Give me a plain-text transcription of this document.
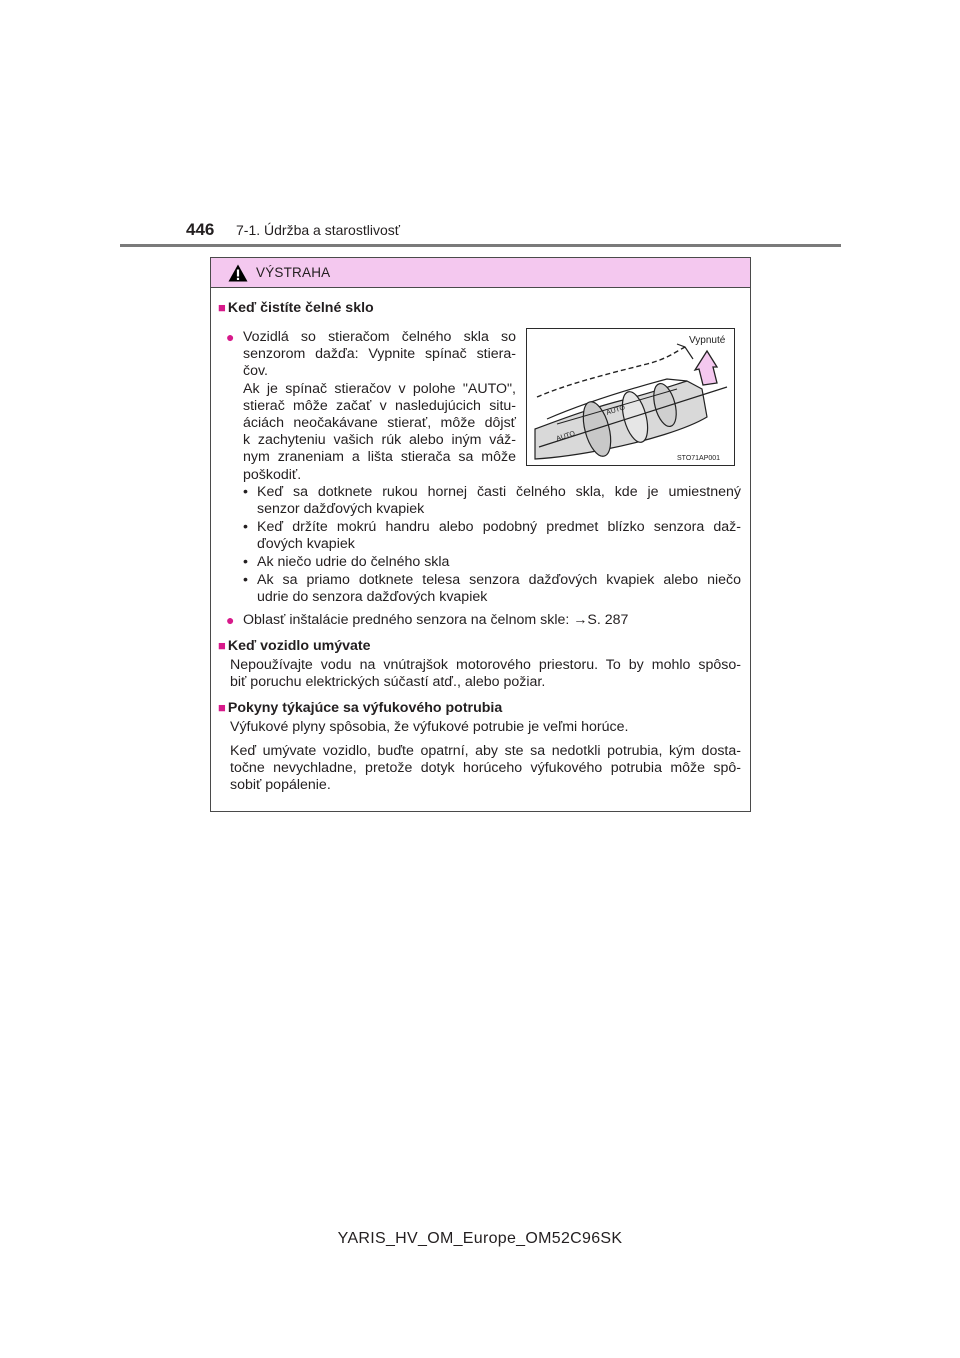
446 7-1. Údržba a starostlivosť
VÝSTRAHA
■ Keď čistíte čelné sklo
● Vozidlá so stieračom čelného skla so
senzorom dažďa: Vypnite spínač stiera-
čov.
Ak je spínač stieračov v polohe "AUTO",
stierač môže začať v nasledujúcich situ-
áciách neočakávane stierať, môže dôjsť
k zachyteniu vašich rúk alebo iným váž-
nym zraneniam a lišta stierača sa môže
poškodiť.
AUTO
AUTO
Vypnuté
STO71AP001
• Keď sa dotknete rukou hornej časti čelného skla, kde je umiestnený
senzor dažďových kvapiek
• Keď držíte mokrú handru alebo podobný predmet blízko senzora daž-
ďových kvapiek
• Ak niečo udrie do čelného skla
• Ak sa priamo dotknete telesa senzora dažďových kvapiek alebo niečo
udrie do senzora dažďových kvapiek
● Oblasť inštalácie predného senzora na čelnom skle: →S. 287
■ Keď vozidlo umývate
Nepoužívajte vodu na vnútrajšok motorového priestoru. To by mohlo spôso-
biť poruchu elektrických súčastí atď., alebo požiar.
■ Pokyny týkajúce sa výfukového potrubia
Výfukové plyny spôsobia, že výfukové potrubie je veľmi horúce.
Keď umývate vozidlo, buďte opatrní, aby ste sa nedotkli potrubia, kým dosta-
točne nevychladne, pretože dotyk horúceho výfukového potrubia môže spô-
sobiť popálenie.
YARIS_HV_OM_Europe_OM52C96SK
